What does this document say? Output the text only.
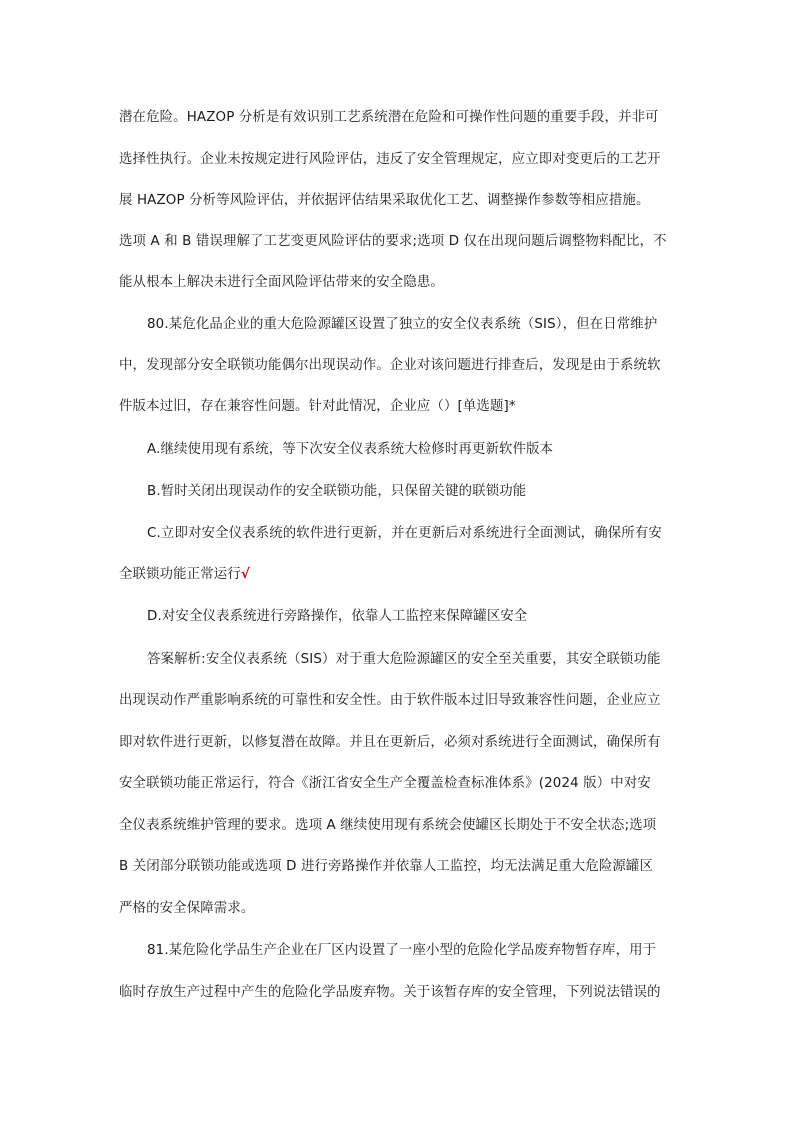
潜在危险。HAZOP 分析是有效识别工艺系统潜在危险和可操作性问题的重要手段，并非可
选择性执行。企业未按规定进行风险评估，违反了安全管理规定，应立即对变更后的工艺开
展 HAZOP 分析等风险评估，并依据评估结果采取优化工艺、调整操作参数等相应措施。
选项 A 和 B 错误理解了工艺变更风险评估的要求;选项 D 仅在出现问题后调整物料配比，不
能从根本上解决未进行全面风险评估带来的安全隐患。
80.某危化品企业的重大危险源罐区设置了独立的安全仪表系统（SIS），但在日常维护
中，发现部分安全联锁功能偶尔出现误动作。企业对该问题进行排查后，发现是由于系统软
件版本过旧，存在兼容性问题。针对此情况，企业应（）[单选题]*
A.继续使用现有系统，等下次安全仪表系统大检修时再更新软件版本
B.暂时关闭出现误动作的安全联锁功能，只保留关键的联锁功能
C.立即对安全仪表系统的软件进行更新，并在更新后对系统进行全面测试，确保所有安
全联锁功能正常运行√
D.对安全仪表系统进行旁路操作，依靠人工监控来保障罐区安全
答案解析:安全仪表系统（SIS）对于重大危险源罐区的安全至关重要，其安全联锁功能
出现误动作严重影响系统的可靠性和安全性。由于软件版本过旧导致兼容性问题，企业应立
即对软件进行更新，以修复潜在故障。并且在更新后，必须对系统进行全面测试，确保所有
安全联锁功能正常运行，符合《浙江省安全生产全覆盖检查标准体系》(2024 版）中对安
全仪表系统维护管理的要求。选项 A 继续使用现有系统会使罐区长期处于不安全状态;选项
B 关闭部分联锁功能或选项 D 进行旁路操作并依靠人工监控，均无法满足重大危险源罐区
严格的安全保障需求。
81.某危险化学品生产企业在厂区内设置了一座小型的危险化学品废弃物暂存库，用于
临时存放生产过程中产生的危险化学品废弃物。关于该暂存库的安全管理，下列说法错误的
